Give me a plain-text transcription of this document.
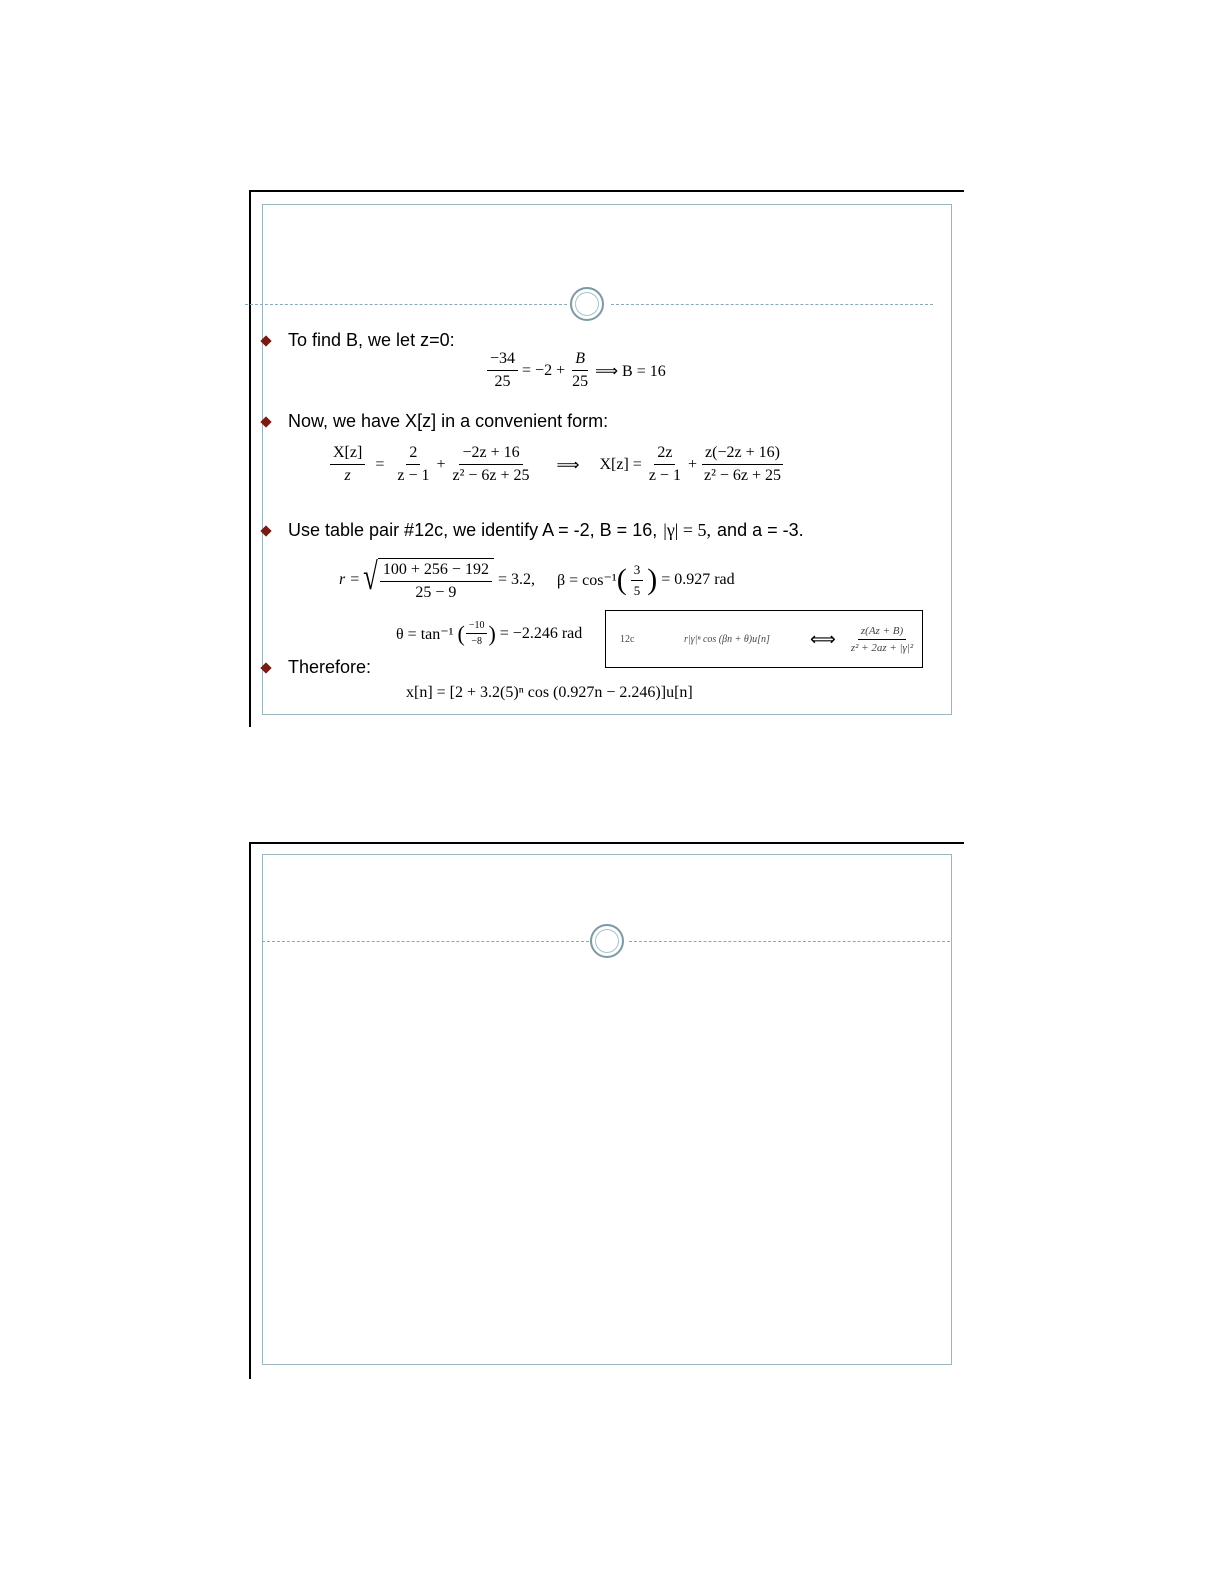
To find B, we let z=0:
$\frac{-34}{25} = -2 + \frac{B}{25}$ ⟹ B = 16
Now, we have X[z] in a convenient form:
$\frac{X[z]}{z} = \frac{2}{z - 1} + \frac{-2z + 16}{\text{z² − 6z + 25}}$ ⟹ $X[z] = \frac{2z}{z - 1} + \frac{z(-2z + 16)}{\text{z² − 6z + 25}}$
Use table pair #12c, we identify A = -2, B = 16, |γ| = 5, and a = -3.
r = √ $\frac{100 + 256 - 192}{25 - 9} = 3.2$, β = cos⁻¹ ( $\frac{3}{5}$ ) = 0.927 rad
θ = tan⁻¹ ( $\frac{-10}{-8}$ ) = −2.246 rad	12c	r|γ|ⁿ cos (βn + θ)u[n]	⟺ $\frac{z(Az + B)}{\text{z² + 2az + |γ|²}}$
Therefore:
x[n] = [2 + 3.2(5)ⁿ cos (0.927n − 2.246)]u[n]
